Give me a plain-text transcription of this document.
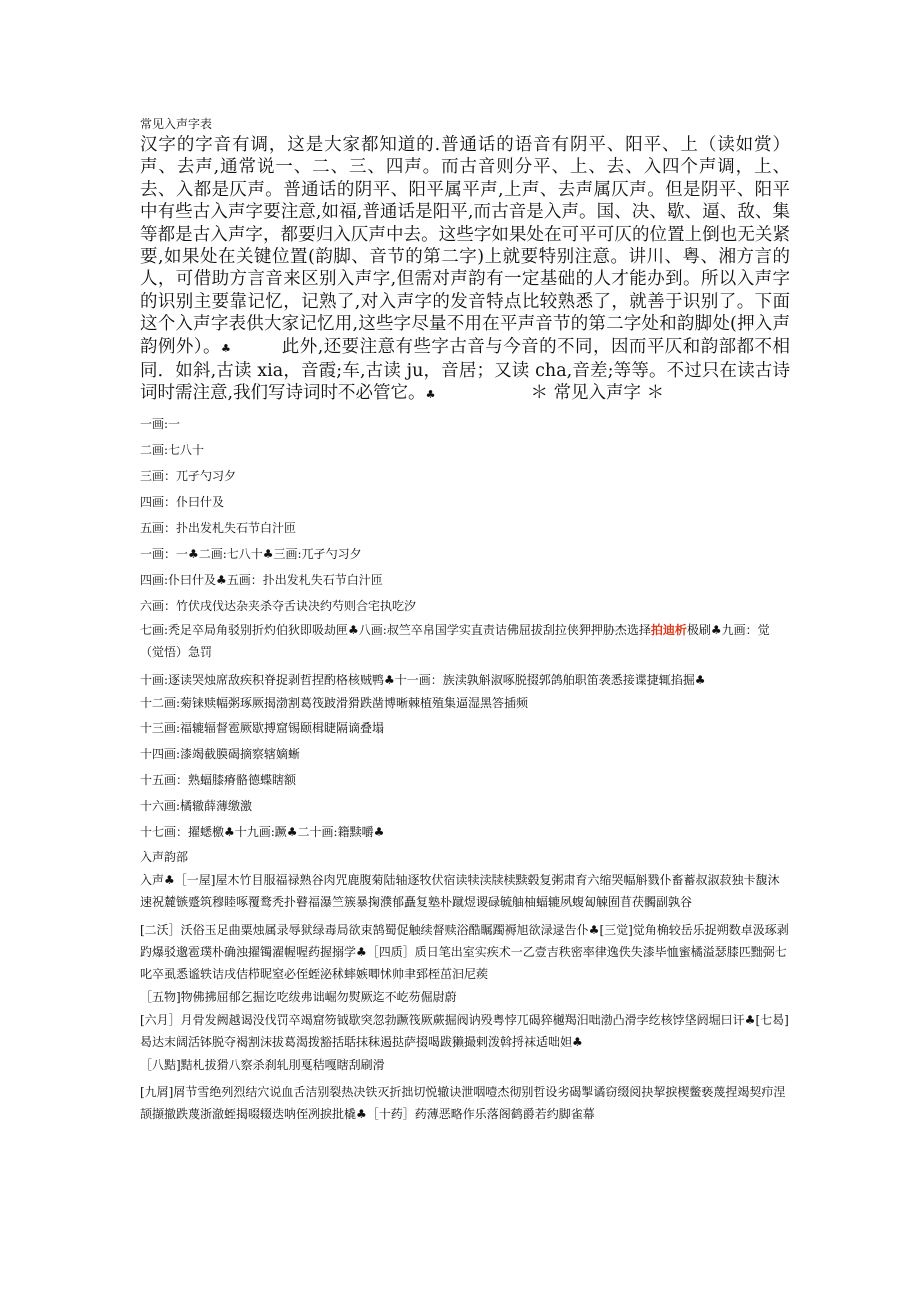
常见入声字表

汉字的字音有调，这是大家都知道的.普通话的语音有阴平、阳平、上（读如赏）声、去声,通常说一、二、三、四声。而古音则分平、上、去、入四个声调，上、去、入都是仄声。普通话的阴平、阳平属平声,上声、去声属仄声。但是阴平、阳平中有些古入声字要注意,如福,普通话是阳平,而古音是入声。国、决、歇、逼、敌、集等都是古入声字，都要归入仄声中去。这些字如果处在可平可仄的位置上倒也无关紧要,如果处在关键位置(韵脚、音节的第二字)上就要特别注意。讲川、粤、湘方言的人，可借助方言音来区别入声字,但需对声韵有一定基础的人才能办到。所以入声字的识别主要靠记忆，记熟了,对入声字的发音特点比较熟悉了，就善于识别了。下面这个入声字表供大家记忆用,这些字尽量不用在平声音节的第二字处和韵脚处(押入声韵例外）。♣	此外,还要注意有些字古音与今音的不同，因而平仄和韵部都不相同．如斜,古读 xia，音霞;车,古读 ju，音居；又读 cha,音差;等等。不过只在读古诗词时需注意,我们写诗词时不必管它。♣	＊ 常见入声字 ＊

一画:一

二画:七八十

三画：兀孑勺习夕

四画：仆曰什及

五画：扑出发札失石节白汁匝

一画：一♣二画:七八十♣三画:兀孑勺习夕

四画:仆曰什及♣五画：扑出发札失石节白汁匝

六画：竹伏戌伐达杂夹杀夺舌诀决约芍则合宅执吃汐

七画:秃足卒局角驳别折灼伯狄即吸劫匣♣八画:叔竺卒帛国学实直责诘佛屈拔刮拉侠狎押胁杰选择拍迪析极刷♣九画：觉（觉悟）急罚

十画:逐读哭烛席敌疾积脊捉剥哲捏酌格核贼鸭♣十一画：族渎孰斛淑啄脱掇郭鸽舶职笛袭悉接谍捷辄掐掘♣

十二画:菊铼赎幅粥琢厥揭渤割葛筏跛滑猾跌凿博晰棘植殖集逼湿黑答插频

十三画:福辘辐督雹厥歇搏窟锡颐楫睫隔谪叠塌

十四画:漆竭截膜碣摘察辖嫡蜥

十五画：熟蝠膝瘠骼德蝶瞎额

十六画:橘辙薛薄缴激

十七画：擢蟋檄♣十九画:蹶♣二十画:籍黩嚼♣

入声韵部

入声♣［一屋]屋木竹目服福禄熟谷肉咒鹿腹菊陆轴逐牧伏宿读犊渎牍椟黩毂复粥肃育六缩哭幅斛戮仆畜蓄叔淑菽独卡馥沐速祝麓镞蹙筑穆睦啄覆鹜秃扑瞽福瀑竺簇暴掬濮郁矗复塾朴蹴煜谡碌毓舳柚蝠辘夙蝮匐觫囿苜茯髑副孰谷

[二沃］沃俗玉足曲粟烛属录辱狱绿毒局欲束鹄蜀促触续督赎浴酷瞩躅褥旭欲渌逯告仆♣[三觉]觉角桷较岳乐捉朔数卓汲琢剥趵爆驳邈雹璞朴确浊擢镯濯幄喔药握搦学♣［四质］质日笔出室实疾术一乙壹吉秩密率律逸佚失漆毕恤蜜橘溢瑟膝匹黜弼七叱卒虱悉谧轶诘戌佶栉昵窒必侄蛭泌秫蟀嫉唧怵帅聿郅桎茁汩尼蒺

［五物]物佛拂屈郁乞掘讫吃绂弗诎崛勿熨厥迄不屹芴倔尉蔚

[六月］月骨发阙越谒没伐罚卒竭窟笏钺歇突忽勃蹶筏厥蕨掘阀讷殁粤悖兀碣猝樾羯汨咄渤凸滑孛纥核饽垡阏堀曰讦♣[七曷]曷达末阔活钵脱夺褐割沫拔葛渴拨豁括聒抹秣遏挞萨掇喝跋獭撮剌泼斡捋袜适咄妲♣

［八黠]黠札拔猾八察杀刹轧刖戛秸嘎瞎刮刷滑

[九屑]屑节雪绝列烈结穴说血舌洁别裂热决铁灭折拙切悦辙诀泄咽噎杰彻别哲设劣碣掣谲窃缀阅抉挈捩楔鳖亵蔑捏竭契疖涅颉撷撤跌蔑浙澈蛭揭啜辍迭呐侄冽捩批橇♣［十药］药薄恶略作乐落阁鹤爵若约脚雀幕
